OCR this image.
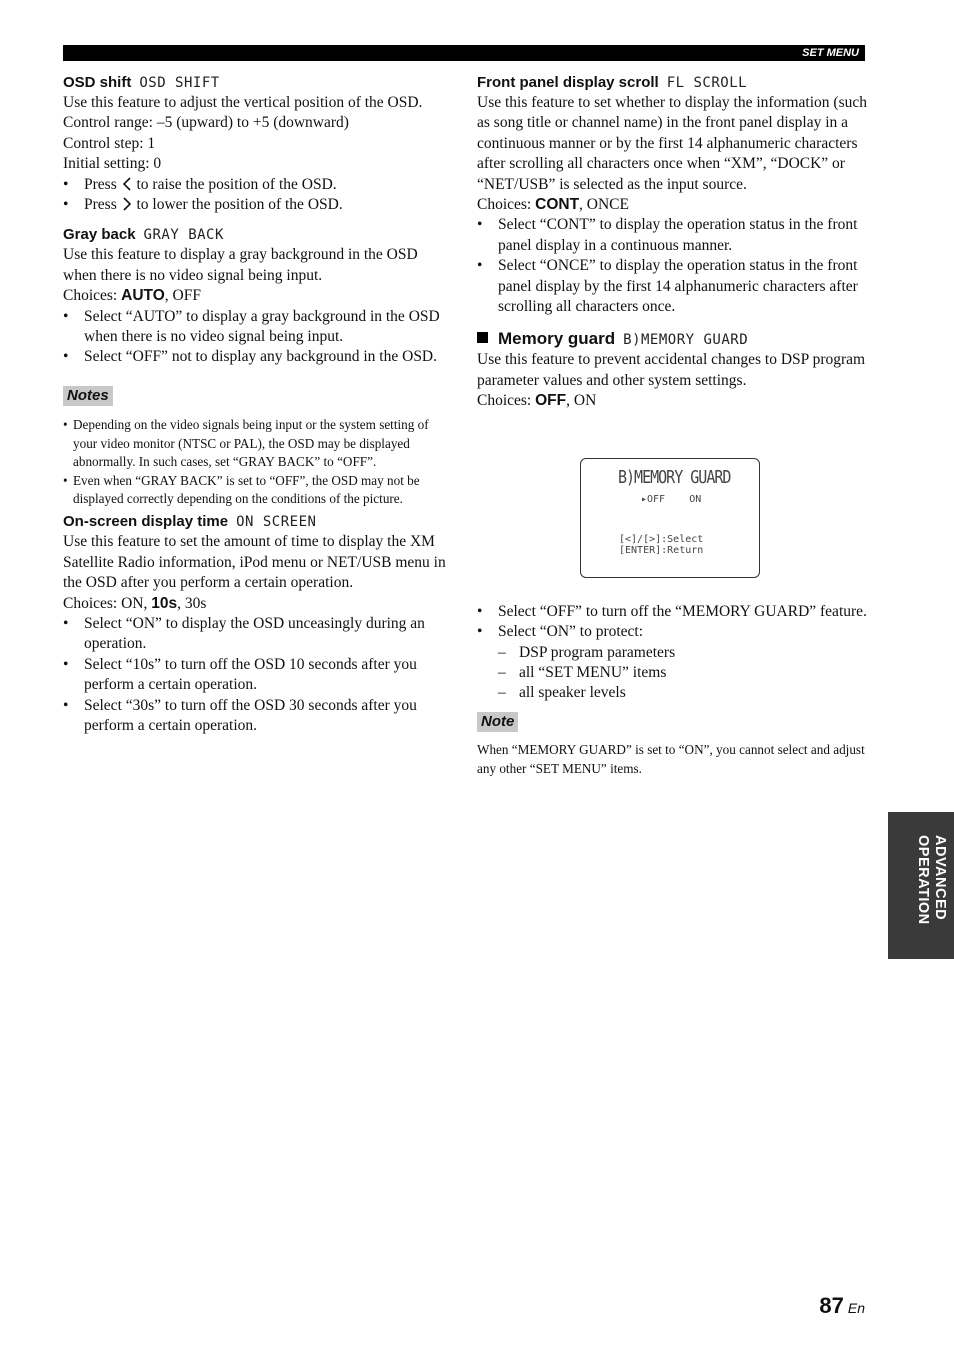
SET MENU
OSD shift OSD SHIFT

Use this feature to adjust the vertical position of the OSD.

Control range: –5 (upward) to +5 (downward)

Control step: 1

Initial setting: 0

• Press to raise the position of the OSD.
• Press to lower the position of the OSD.
Gray back GRAY BACK

Use this feature to display a gray background in the OSD when there is no video signal being input.

Choices: AUTO, OFF

• Select “AUTO” to display a gray background in the OSD when there is no video signal being input.
• Select “OFF” not to display any background in the OSD.
Notes
• Depending on the video signals being input or the system setting of your video monitor (NTSC or PAL), the OSD may be displayed abnormally. In such cases, set “GRAY BACK” to “OFF”.
• Even when “GRAY BACK” is set to “OFF”, the OSD may not be displayed correctly depending on the conditions of the picture.
On-screen display time ON SCREEN

Use this feature to set the amount of time to display the XM Satellite Radio information, iPod menu or NET/USB menu in the OSD after you perform a certain operation.

Choices: ON, 10s, 30s

• Select “ON” to display the OSD unceasingly during an operation.
• Select “10s” to turn off the OSD 10 seconds after you perform a certain operation.
• Select “30s” to turn off the OSD 30 seconds after you perform a certain operation.
Front panel display scroll FL SCROLL

Use this feature to set whether to display the information (such as song title or channel name) in the front panel display in a continuous manner or by the first 14 alphanumeric characters after scrolling all characters once when “XM”, “DOCK” or “NET/USB” is selected as the input source.

Choices: CONT, ONCE

• Select “CONT” to display the operation status in the front panel display in a continuous manner.
• Select “ONCE” to display the operation status in the front panel display by the first 14 alphanumeric characters after scrolling all characters once.
Memory guard B)MEMORY GUARD

Use this feature to prevent accidental changes to DSP program parameter values and other system settings.

Choices: OFF, ON

B)MEMORY GUARD
▸OFF ON
[<]/[>]:Select
[ENTER]:Return
• Select “OFF” to turn off the “MEMORY GUARD” feature.
• Select “ON” to protect:
– DSP program parameters
– all “SET MENU” items
– all speaker levels
Note
When “MEMORY GUARD” is set to “ON”, you cannot select and adjust any other “SET MENU” items.
ADVANCED
OPERATION
87 En
